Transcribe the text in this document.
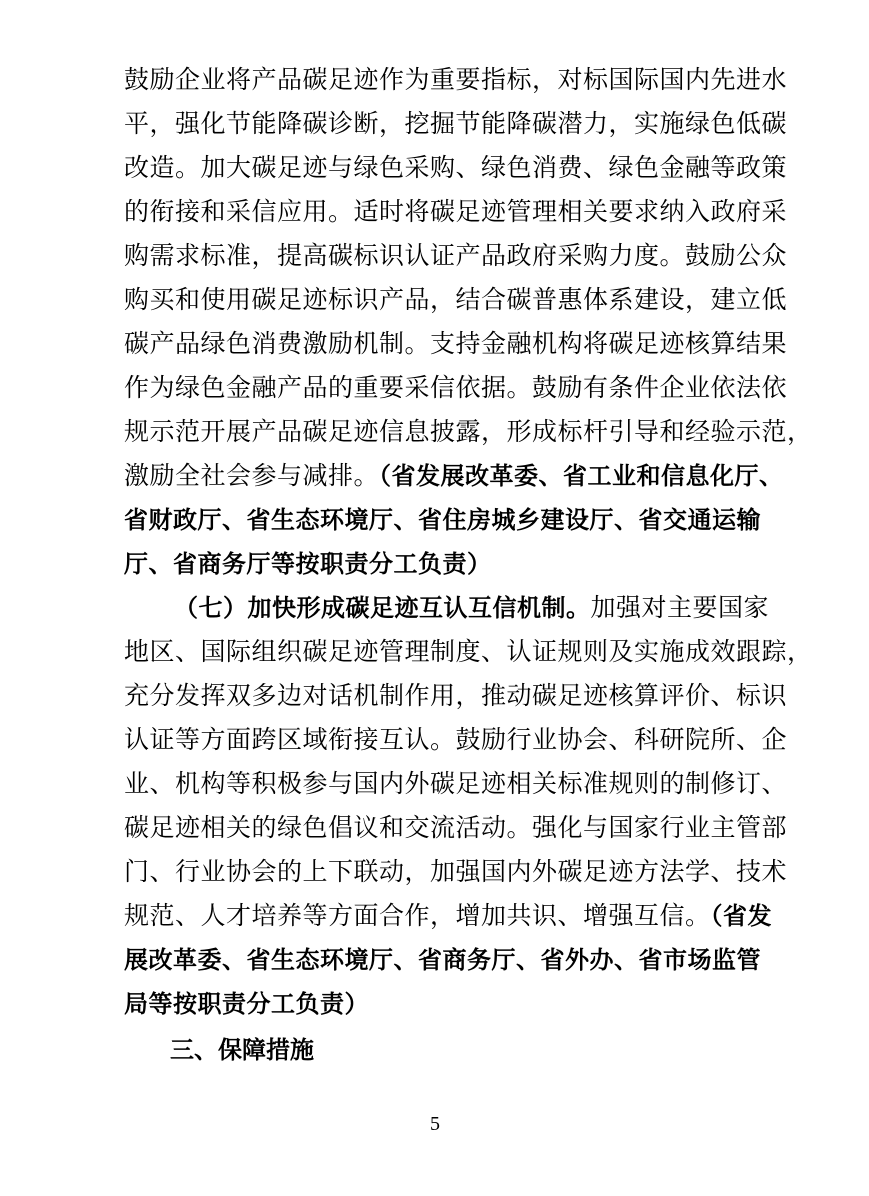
鼓励企业将产品碳足迹作为重要指标，对标国际国内先进水
平，强化节能降碳诊断，挖掘节能降碳潜力，实施绿色低碳
改造。加大碳足迹与绿色采购、绿色消费、绿色金融等政策
的衔接和采信应用。适时将碳足迹管理相关要求纳入政府采
购需求标准，提高碳标识认证产品政府采购力度。鼓励公众
购买和使用碳足迹标识产品，结合碳普惠体系建设，建立低
碳产品绿色消费激励机制。支持金融机构将碳足迹核算结果
作为绿色金融产品的重要采信依据。鼓励有条件企业依法依
规示范开展产品碳足迹信息披露，形成标杆引导和经验示范，
激励全社会参与减排。（省发展改革委、省工业和信息化厅、
省财政厅、省生态环境厅、省住房城乡建设厅、省交通运输
厅、省商务厅等按职责分工负责）
（七）加快形成碳足迹互认互信机制。加强对主要国家
地区、国际组织碳足迹管理制度、认证规则及实施成效跟踪，
充分发挥双多边对话机制作用，推动碳足迹核算评价、标识
认证等方面跨区域衔接互认。鼓励行业协会、科研院所、企
业、机构等积极参与国内外碳足迹相关标准规则的制修订、
碳足迹相关的绿色倡议和交流活动。强化与国家行业主管部
门、行业协会的上下联动，加强国内外碳足迹方法学、技术
规范、人才培养等方面合作，增加共识、增强互信。（省发
展改革委、省生态环境厅、省商务厅、省外办、省市场监管
局等按职责分工负责）
三、保障措施
5
